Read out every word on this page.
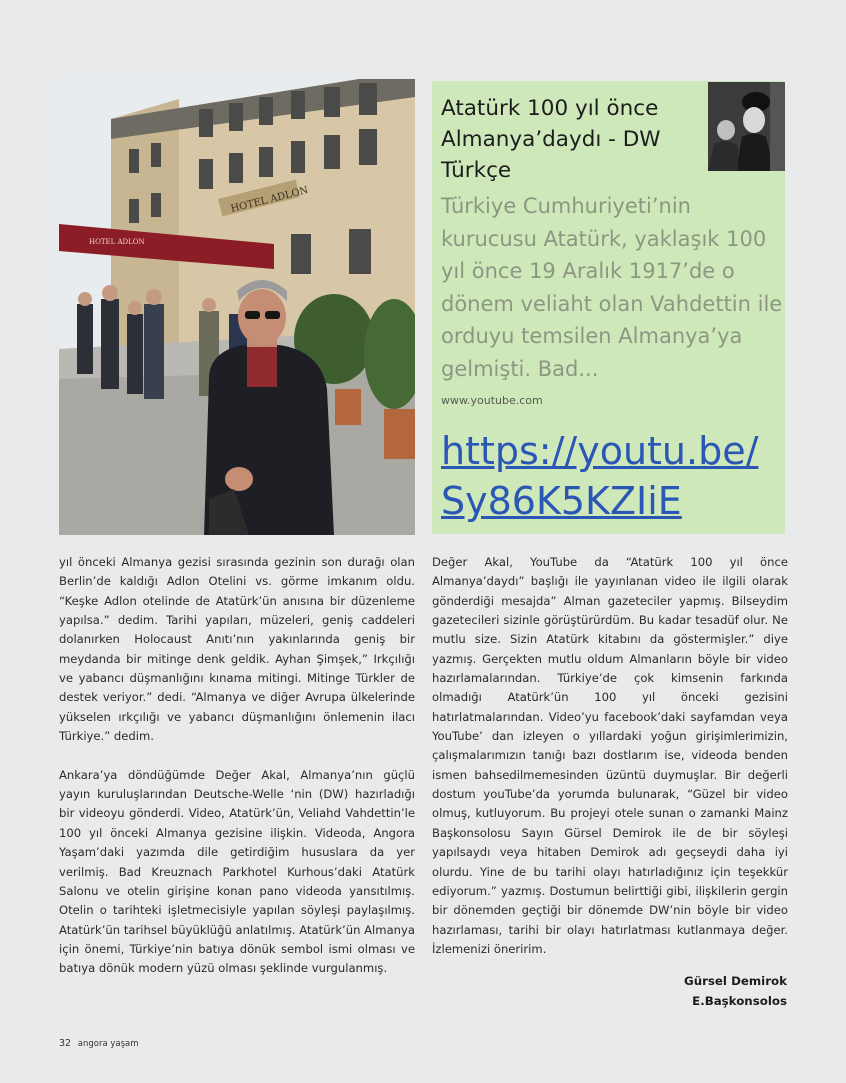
HOTEL ADLON
HOTEL ADLON
Atatürk 100 yıl önce Almanya’daydı - DW Türkçe
Türkiye Cumhuriyeti’nin
kurucusu Atatürk, yaklaşık 100
yıl önce 19 Aralık 1917’de o
dönem veliaht olan Vahdettin ile
orduyu temsilen Almanya’ya
gelmişti. Bad...
www.youtube.com
https://youtu.be/
Sy86K5KZIiE

yıl önceki Almanya gezisi sırasında gezinin son durağı olan Berlin’de kaldığı Adlon Otelini vs. görme imkanım oldu. “Keşke Adlon otelinde de Atatürk’ün anısına bir düzenleme yapılsa.” dedim. Tarihi yapıları, müzeleri, geniş caddeleri dolanırken Holocaust Anıtı’nın yakınlarında geniş bir meydanda bir mitinge denk geldik. Ayhan Şimşek,” Irkçılığı ve yabancı düşmanlığını kınama mitingi. Mitinge Türkler de destek veriyor.” dedi. “Almanya ve diğer Avrupa ülkelerinde yükselen ırkçılığı ve yabancı düşmanlığını önlemenin ilacı Türkiye.” dedim.

Ankara’ya döndüğümde Değer Akal, Almanya’nın güçlü yayın kuruluşlarından Deutsche-Welle ‘nin (DW) hazırladığı bir videoyu gönderdi. Video, Atatürk’ün, Veliahd Vahdettin’le 100 yıl önceki Almanya gezisine ilişkin. Videoda, Angora Yaşam’daki yazımda dile getirdiğim hususlara da yer verilmiş. Bad Kreuznach Parkhotel Kurhous’daki Atatürk Salonu ve otelin girişine konan pano videoda yansıtılmış. Otelin o tarihteki işletmecisiyle yapılan söyleşi paylaşılmış. Atatürk’ün tarihsel büyüklüğü anlatılmış. Atatürk’ün Almanya için önemi, Türkiye’nin batıya dönük sembol ismi olması ve batıya dönük modern yüzü olması şeklinde vurgulanmış.

Değer Akal, YouTube da “Atatürk 100 yıl önce Almanya’daydı” başlığı ile yayınlanan video ile ilgili olarak gönderdiği mesajda” Alman gazeteciler yapmış. Bilseydim gazetecileri sizinle görüştürürdüm. Bu kadar tesadüf olur. Ne mutlu size. Sizin Atatürk kitabını da göstermişler.” diye yazmış. Gerçekten mutlu oldum Almanların böyle bir video hazırlamalarından. Türkiye’de çok kimsenin farkında olmadığı Atatürk’ün 100 yıl önceki gezisini hatırlatmalarından. Video’yu facebook’daki sayfamdan veya YouTube’ dan izleyen o yıllardaki yoğun girişimlerimizin, çalışmalarımızın tanığı bazı dostlarım ise, videoda benden ismen bahsedilmemesinden üzüntü duymuşlar. Bir değerli dostum youTube’da yorumda bulunarak, “Güzel bir video olmuş, kutluyorum. Bu projeyi otele sunan o zamanki Mainz Başkonsolosu Sayın Gürsel Demirok ile de bir söyleşi yapılsaydı veya hitaben Demirok adı geçseydi daha iyi olurdu. Yine de bu tarihi olayı hatırladığınız için teşekkür ediyorum.” yazmış. Dostumun belirttiği gibi, ilişkilerin gergin bir dönemden geçtiği bir dönemde DW’nin böyle bir video hazırlaması, tarihi bir olayı hatırlatması kutlanmaya değer. İzlemenizi öneririm.

Gürsel Demirok
E.Başkonsolos
32 angora yaşam
